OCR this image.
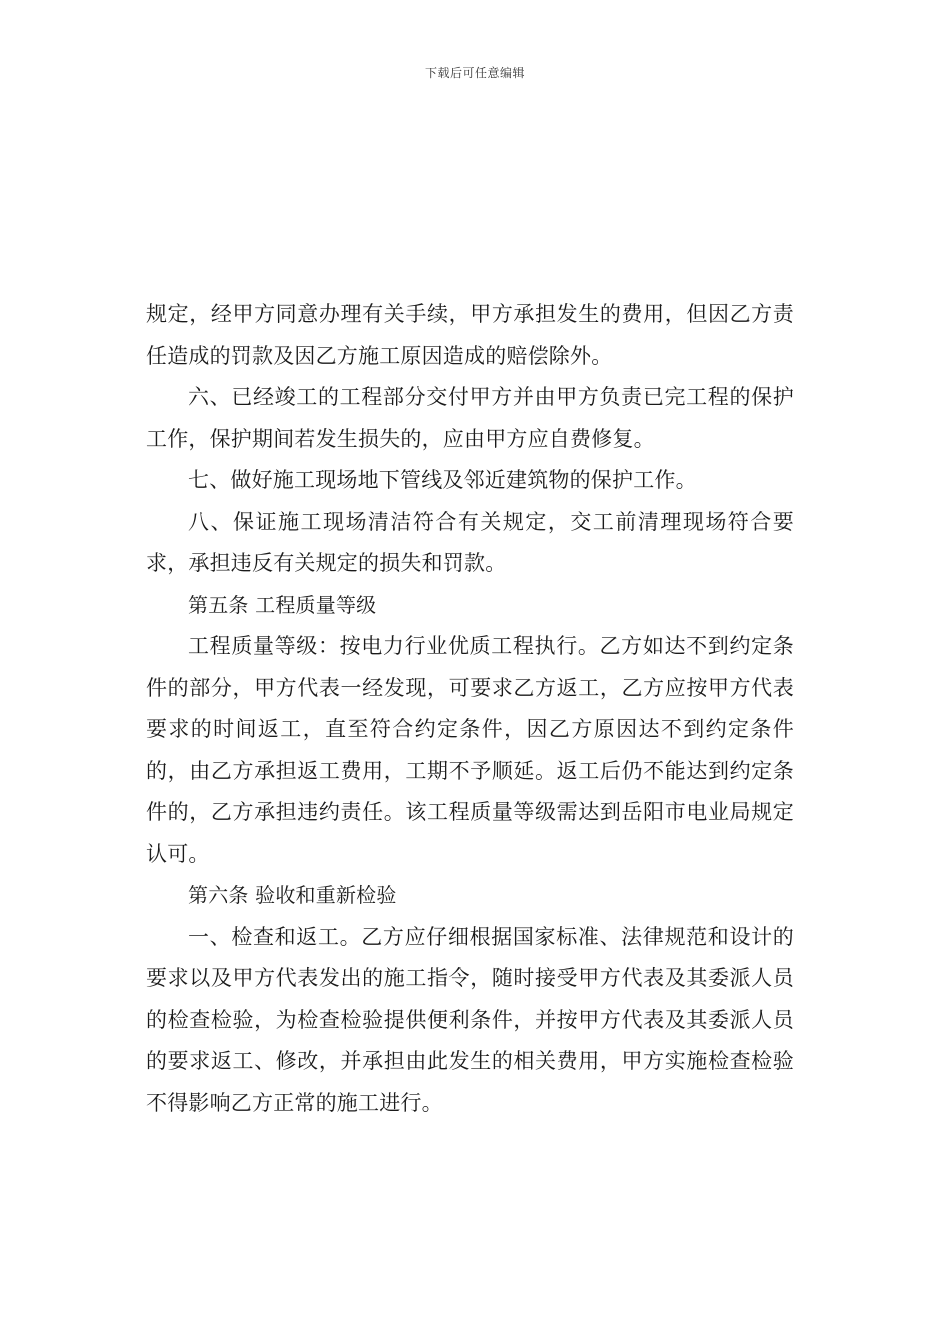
下载后可任意编辑

规定，经甲方同意办理有关手续，甲方承担发生的费用，但因乙方责任造成的罚款及因乙方施工原因造成的赔偿除外。

六、已经竣工的工程部分交付甲方并由甲方负责已完工程的保护工作，保护期间若发生损失的，应由甲方应自费修复。

七、做好施工现场地下管线及邻近建筑物的保护工作。

八、保证施工现场清洁符合有关规定，交工前清理现场符合要求，承担违反有关规定的损失和罚款。

第五条 工程质量等级

工程质量等级：按电力行业优质工程执行。乙方如达不到约定条件的部分，甲方代表一经发现，可要求乙方返工，乙方应按甲方代表要求的时间返工，直至符合约定条件，因乙方原因达不到约定条件的，由乙方承担返工费用，工期不予顺延。返工后仍不能达到约定条件的，乙方承担违约责任。该工程质量等级需达到岳阳市电业局规定认可。

第六条 验收和重新检验

一、检查和返工。乙方应仔细根据国家标准、法律规范和设计的要求以及甲方代表发出的施工指令，随时接受甲方代表及其委派人员的检查检验，为检查检验提供便利条件，并按甲方代表及其委派人员的要求返工、修改，并承担由此发生的相关费用，甲方实施检查检验不得影响乙方正常的施工进行。
